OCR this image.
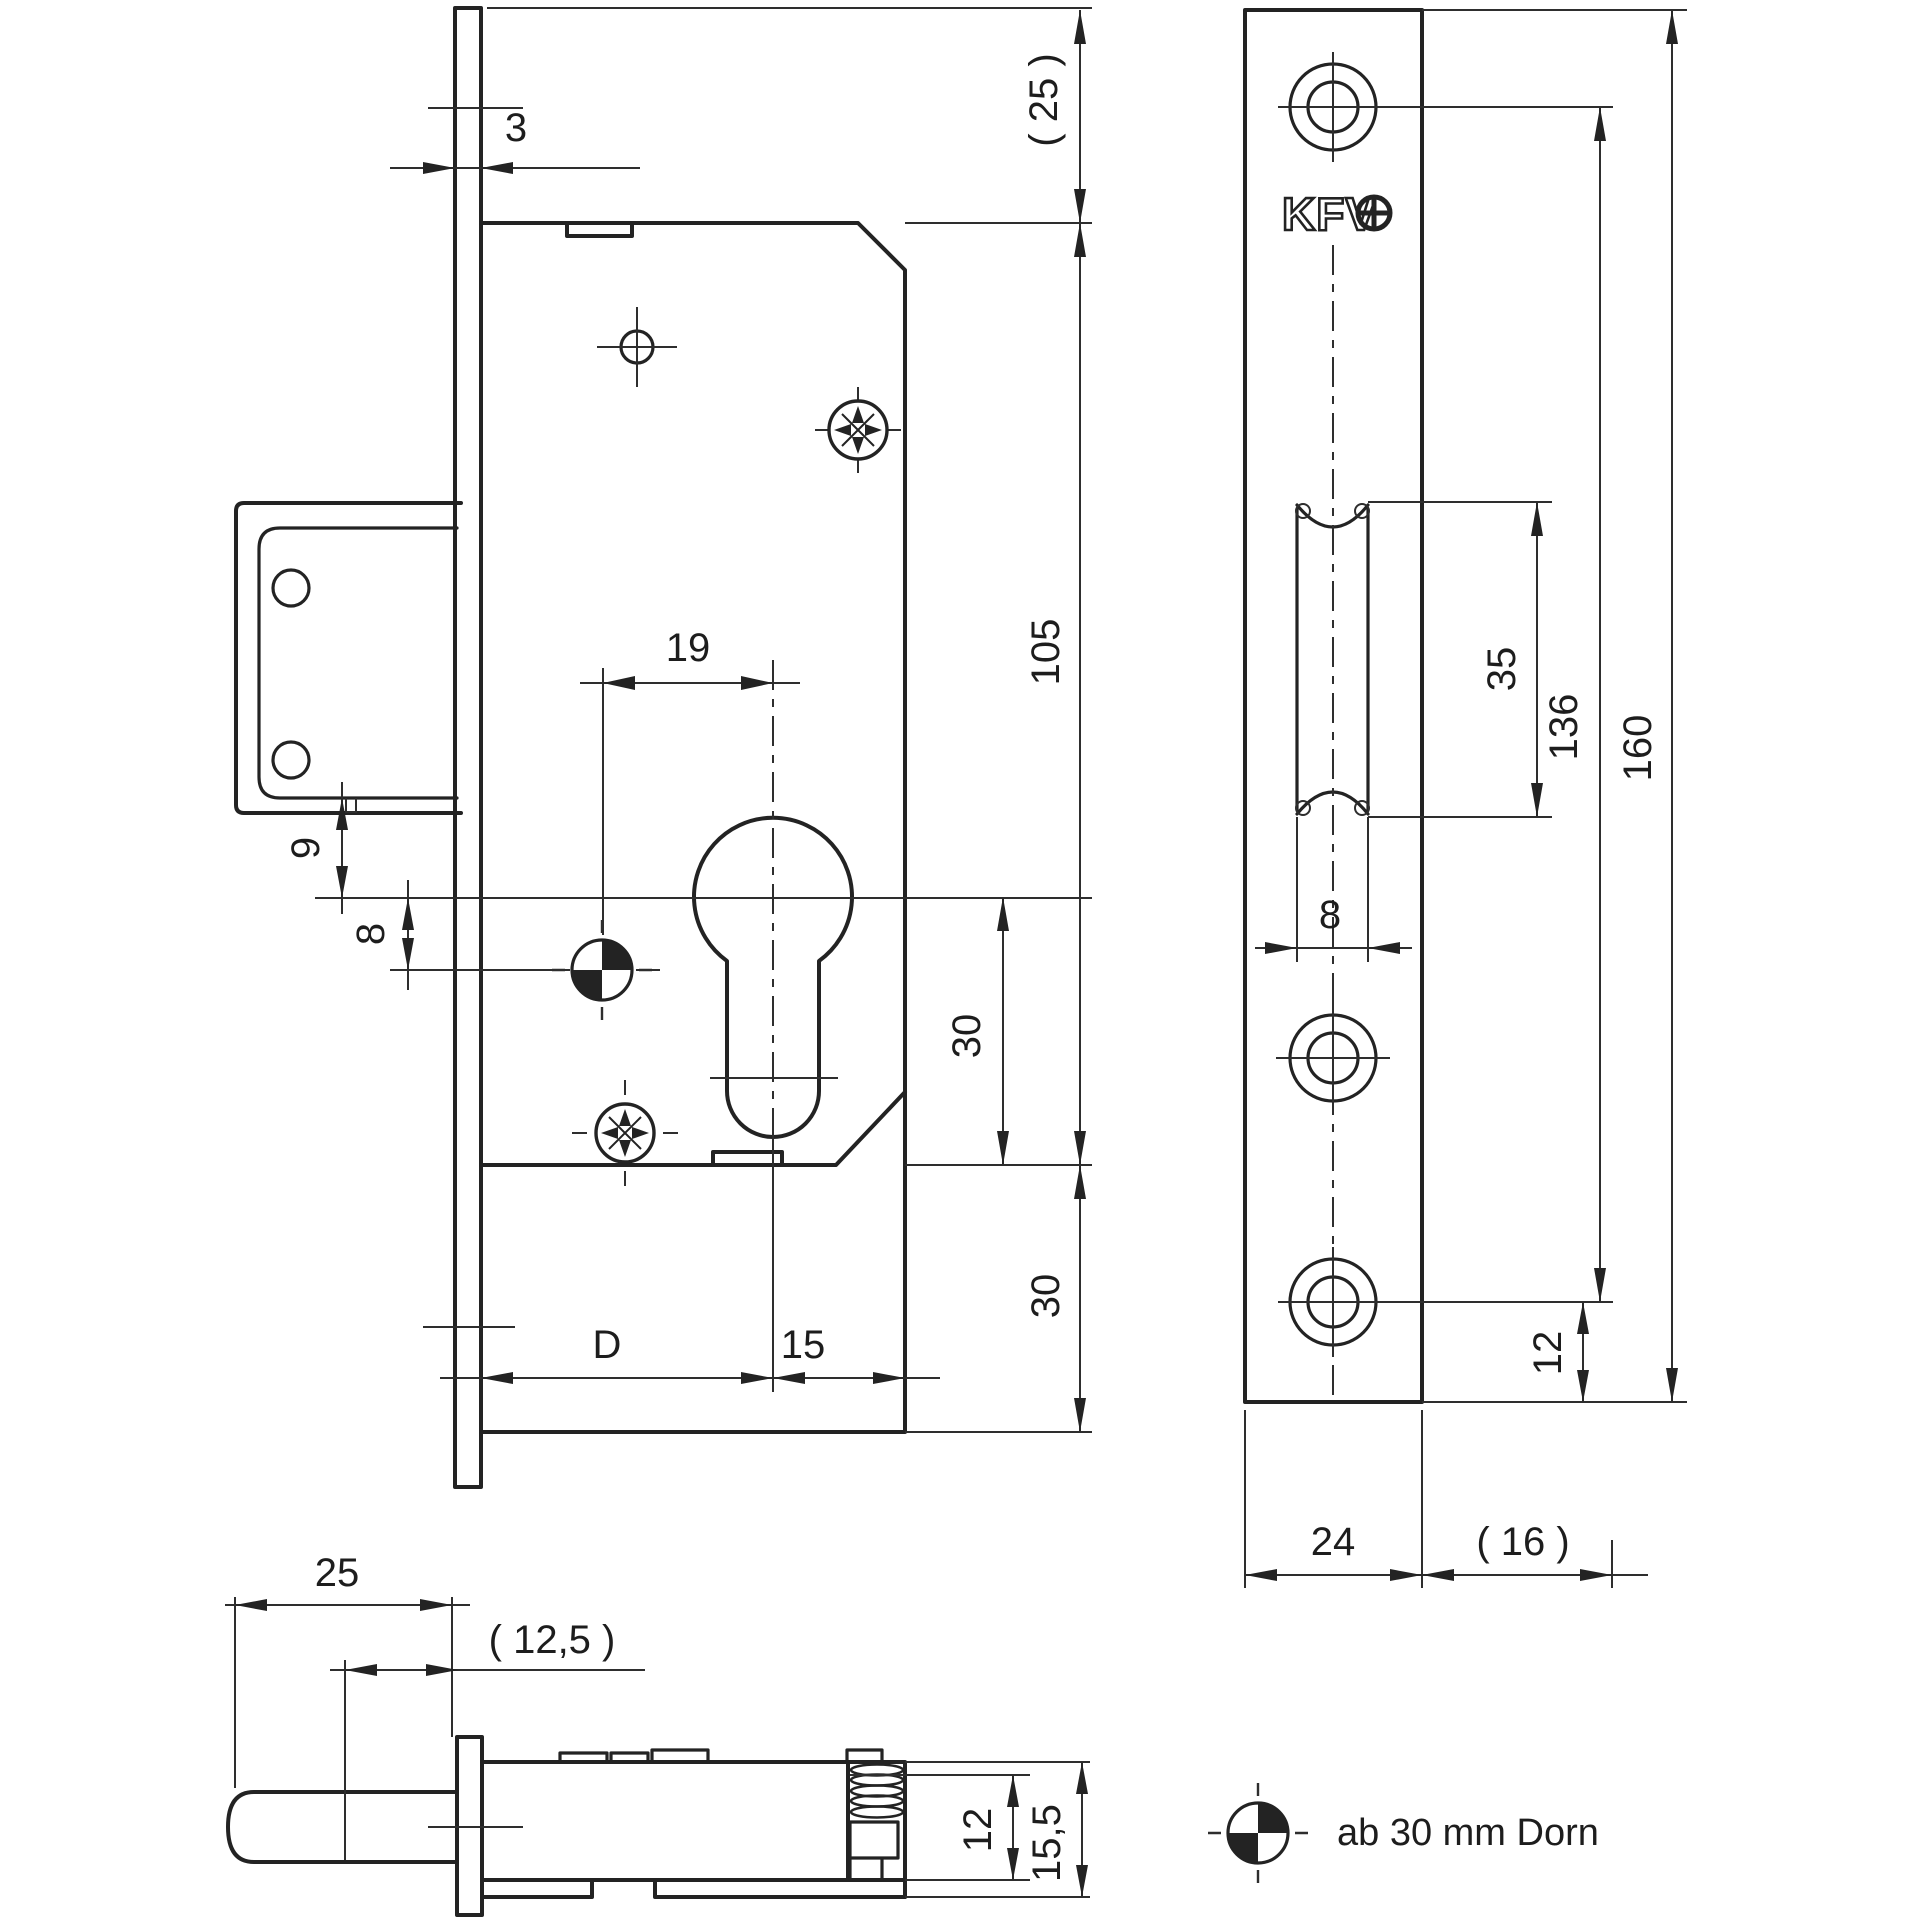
3	( 25 )
19	105
9
8
30
30
D	15
KFV
8
35
136 160
12
24	( 16 )
25
( 12,5 )
12 15,5	ab 30 mm Dorn
